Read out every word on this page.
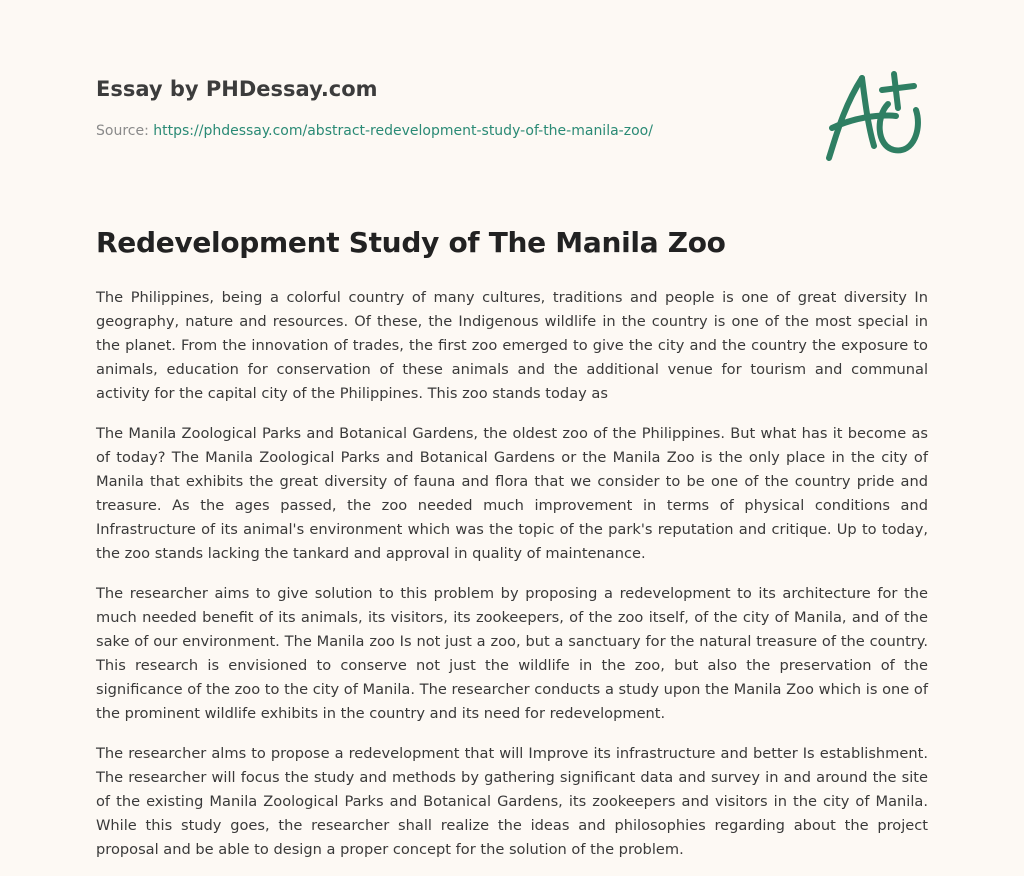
Essay by PHDessay.com
Source: https://phdessay.com/abstract-redevelopment-study-of-the-manila-zoo/
Redevelopment Study of The Manila Zoo

The Philippines, being a colorful country of many cultures, traditions and people is one of great diversity In geography, nature and resources. Of these, the Indigenous wildlife in the country is one of the most special in the planet. From the innovation of trades, the first zoo emerged to give the city and the country the exposure to animals, education for conservation of these animals and the additional venue for tourism and communal activity for the capital city of the Philippines. This zoo stands today as

The Manila Zoological Parks and Botanical Gardens, the oldest zoo of the Philippines. But what has it become as of today? The Manila Zoological Parks and Botanical Gardens or the Manila Zoo is the only place in the city of Manila that exhibits the great diversity of fauna and flora that we consider to be one of the country pride and treasure. As the ages passed, the zoo needed much improvement in terms of physical conditions and Infrastructure of its animal's environment which was the topic of the park's reputation and critique. Up to today, the zoo stands lacking the tankard and approval in quality of maintenance.

The researcher aims to give solution to this problem by proposing a redevelopment to its architecture for the much needed benefit of its animals, its visitors, its zookeepers, of the zoo itself, of the city of Manila, and of the sake of our environment. The Manila zoo Is not just a zoo, but a sanctuary for the natural treasure of the country. This research is envisioned to conserve not just the wildlife in the zoo, but also the preservation of the significance of the zoo to the city of Manila. The researcher conducts a study upon the Manila Zoo which is one of the prominent wildlife exhibits in the country and its need for redevelopment.

The researcher alms to propose a redevelopment that will Improve its infrastructure and better Is establishment. The researcher will focus the study and methods by gathering significant data and survey in and around the site of the existing Manila Zoological Parks and Botanical Gardens, its zookeepers and visitors in the city of Manila. While this study goes, the researcher shall realize the ideas and philosophies regarding about the project proposal and be able to design a proper concept for the solution of the problem.
